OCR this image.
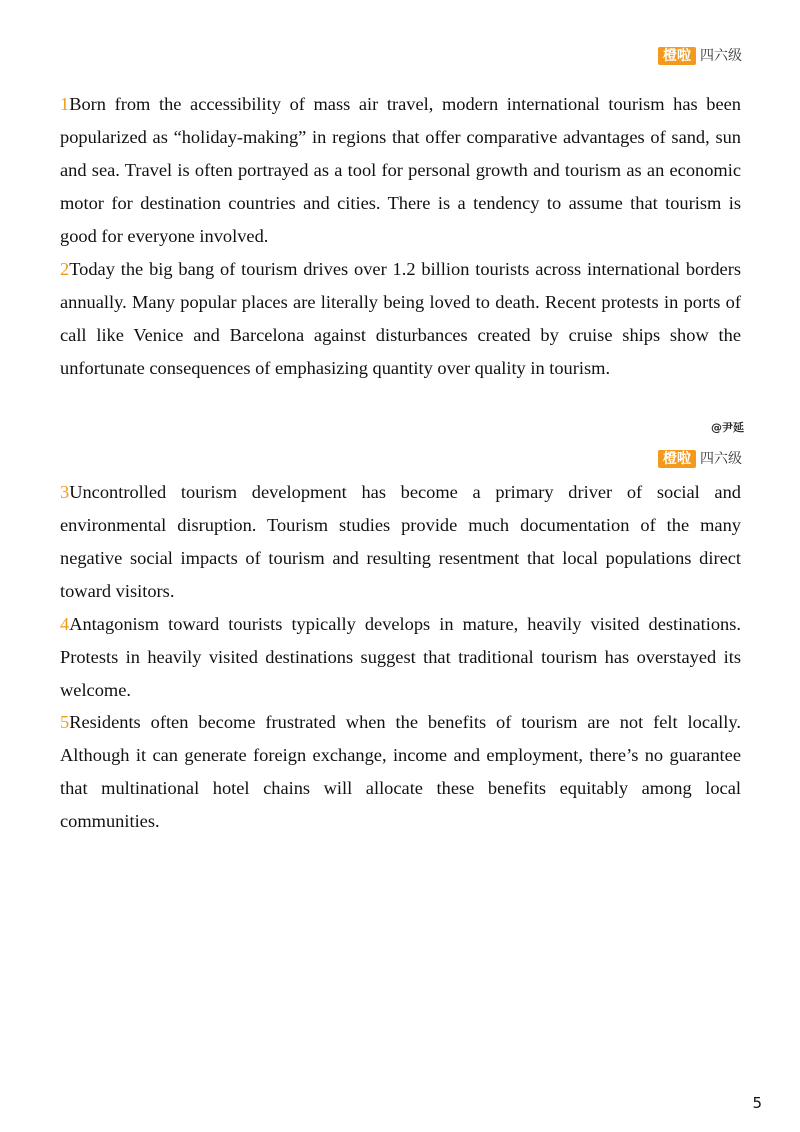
橙啦 四六级

1Born from the accessibility of mass air travel, modern international tourism has been popularized as “holiday-making” in regions that offer comparative advantages of sand, sun and sea. Travel is often portrayed as a tool for personal growth and tourism as an economic motor for destination countries and cities. There is a tendency to assume that tourism is good for everyone involved.

2Today the big bang of tourism drives over 1.2 billion tourists across international borders annually. Many popular places are literally being loved to death. Recent protests in ports of call like Venice and Barcelona against disturbances created by cruise ships show the unfortunate consequences of emphasizing quantity over quality in tourism.

@尹延
橙啦 四六级

3Uncontrolled tourism development has become a primary driver of social and environmental disruption. Tourism studies provide much documentation of the many negative social impacts of tourism and resulting resentment that local populations direct toward visitors.

4Antagonism toward tourists typically develops in mature, heavily visited destinations. Protests in heavily visited destinations suggest that traditional tourism has overstayed its welcome.

5Residents often become frustrated when the benefits of tourism are not felt locally. Although it can generate foreign exchange, income and employment, there’s no guarantee that multinational hotel chains will allocate these benefits equitably among local communities.

5
